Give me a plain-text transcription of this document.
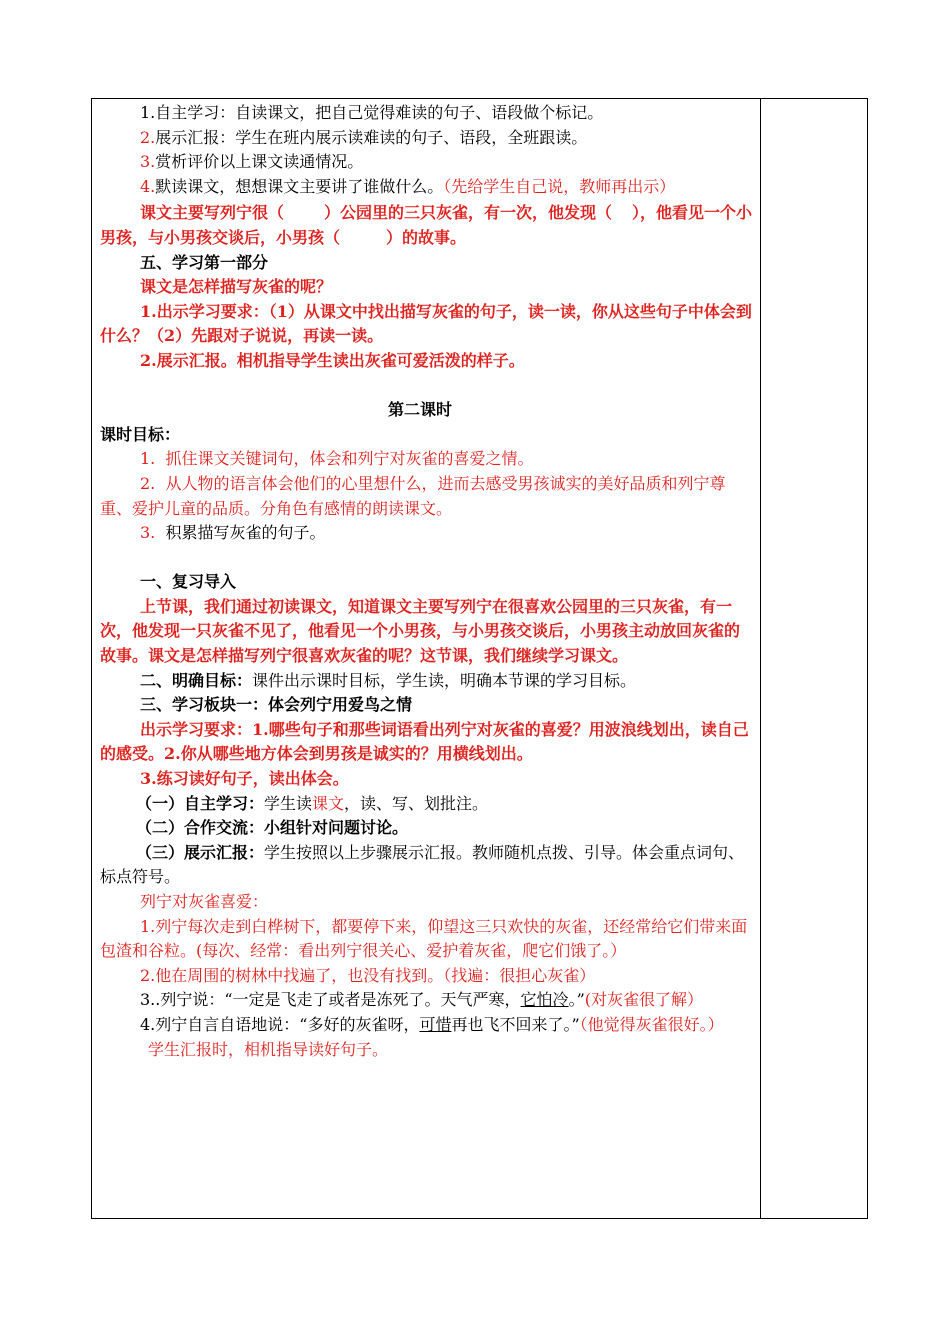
1.自主学习：自读课文，把自己觉得难读的句子、语段做个标记。

2.展示汇报：学生在班内展示读难读的句子、语段，全班跟读。

3.赏析评价以上课文读通情况。

4.默读课文，想想课文主要讲了谁做什么。（先给学生自己说，教师再出示）

课文主要写列宁很（	）公园里的三只灰雀，有一次，他发现（ ），他看见一个小男孩，与小男孩交谈后，小男孩（	）的故事。

五、学习第一部分

课文是怎样描写灰雀的呢？

1.出示学习要求：（1）从课文中找出描写灰雀的句子，读一读，你从这些句子中体会到什么？（2）先跟对子说说，再读一读。

2.展示汇报。相机指导学生读出灰雀可爱活泼的样子。

第二课时

课时目标：

1. 抓住课文关键词句，体会和列宁对灰雀的喜爱之情。

2. 从人物的语言体会他们的心里想什么，进而去感受男孩诚实的美好品质和列宁尊重、爱护儿童的品质。分角色有感情的朗读课文。

3. 积累描写灰雀的句子。

一、复习导入

上节课，我们通过初读课文，知道课文主要写列宁在很喜欢公园里的三只灰雀，有一次，他发现一只灰雀不见了，他看见一个小男孩，与小男孩交谈后，小男孩主动放回灰雀的故事。课文是怎样描写列宁很喜欢灰雀的呢？这节课，我们继续学习课文。

二、明确目标：课件出示课时目标，学生读，明确本节课的学习目标。

三、学习板块一：体会列宁用爱鸟之情

出示学习要求：1.哪些句子和那些词语看出列宁对灰雀的喜爱？用波浪线划出，读自己的感受。2.你从哪些地方体会到男孩是诚实的？用横线划出。

3.练习读好句子，读出体会。

（一）自主学习：学生读课文，读、写、划批注。

（二）合作交流：小组针对问题讨论。

（三）展示汇报：学生按照以上步骤展示汇报。教师随机点拨、引导。体会重点词句、标点符号。

列宁对灰雀喜爱：

1.列宁每次走到白桦树下，都要停下来，仰望这三只欢快的灰雀，还经常给它们带来面包渣和谷粒。(每次、经常：看出列宁很关心、爱护着灰雀，爬它们饿了。）

2.他在周围的树林中找遍了，也没有找到。（找遍：很担心灰雀）

3..列宁说：“一定是飞走了或者是冻死了。天气严寒，它怕冷。”(对灰雀很了解）

4.列宁自言自语地说：“多好的灰雀呀，可惜再也飞不回来了。”（他觉得灰雀很好。）

学生汇报时，相机指导读好句子。
